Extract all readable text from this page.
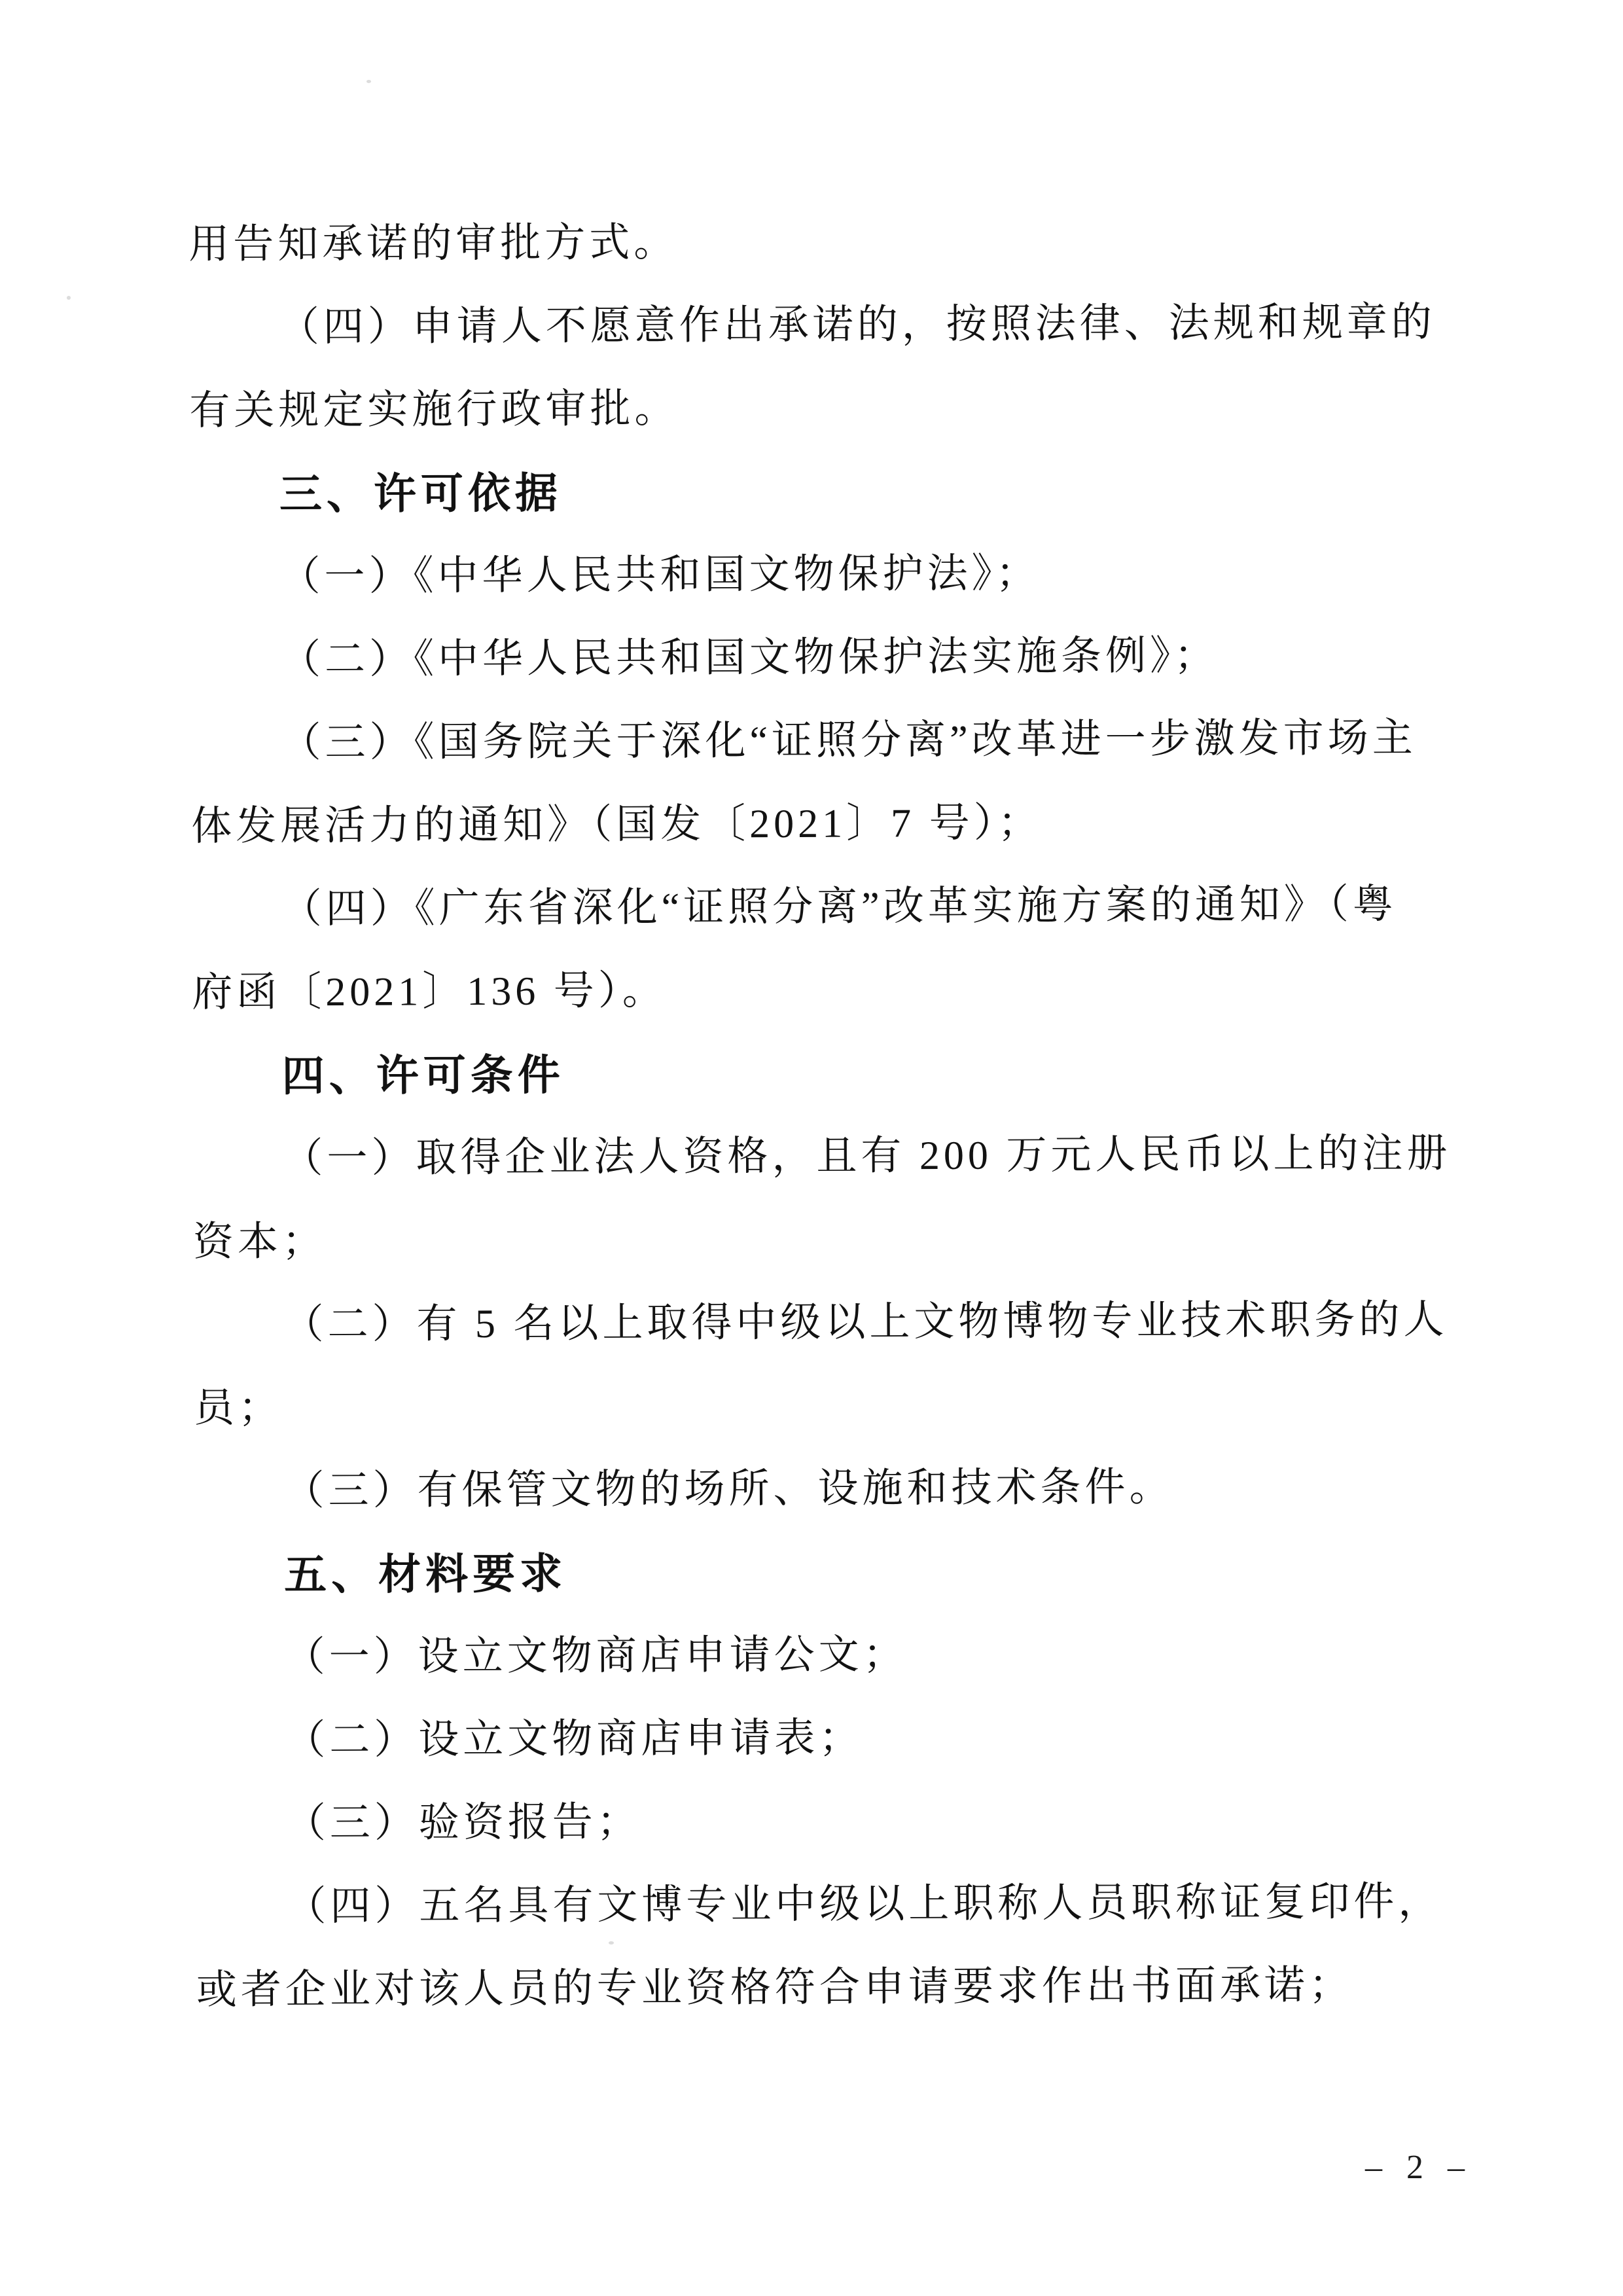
用告知承诺的审批方式。
（四）申请人不愿意作出承诺的，按照法律、法规和规章的
有关规定实施行政审批。
三、许可依据
（一）《中华人民共和国文物保护法》；
（二）《中华人民共和国文物保护法实施条例》；
（三）《国务院关于深化“证照分离”改革进一步激发市场主
体发展活力的通知》（国发〔2021〕7 号）；
（四）《广东省深化“证照分离”改革实施方案的通知》（粤
府函〔2021〕136 号）。
四、许可条件
（一）取得企业法人资格，且有 200 万元人民币以上的注册
资本；
（二）有 5 名以上取得中级以上文物博物专业技术职务的人
员；
（三）有保管文物的场所、设施和技术条件。
五、材料要求
（一）设立文物商店申请公文；
（二）设立文物商店申请表；
（三）验资报告；
（四）五名具有文博专业中级以上职称人员职称证复印件，
或者企业对该人员的专业资格符合申请要求作出书面承诺；
– 2 –
